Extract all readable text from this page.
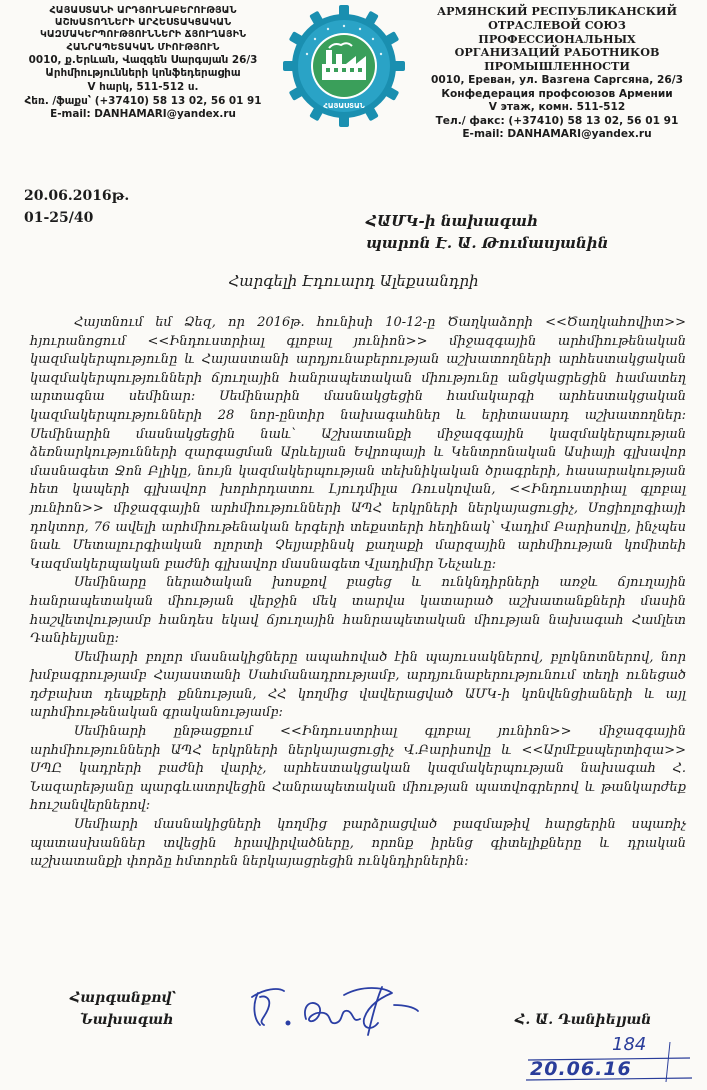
ՀԱՅԱՍՏԱՆԻ ԱՐԴՅՈՒՆԱԲԵՐՈՒԹՅԱՆ
ԱՇԽԱՏՈՂՆԵՐԻ ԱՐՀԵՍՏԱԿՑԱԿԱՆ
ԿԱԶՄԱԿԵՐՊՈՒԹՅՈՒՆՆԵՐԻ ՃՅՈՒՂԱՅԻՆ
ՀԱՆՐԱՊԵՏԱԿԱՆ ՄԻՈՒԹՅՈՒՆ
0010, ք.Երևան, Վազգեն Սարգսյան 26/3
Արհմիությունների կոնֆեդերացիա
V հարկ, 511-512 ս.
Հեռ. /ֆաքս՝ (+37410) 58 13 02, 56 01 91
E-mail: DANHAMARI@yandex.ru
ՀԱՅԱՍՏԱՆ
АРМЯНСКИЙ РЕСПУБЛИКАНСКИЙ
ОТРАСЛЕВОЙ СОЮЗ ПРОФЕССИОНАЛЬНЫХ
ОРГАНИЗАЦИЙ РАБОТНИКОВ
ПРОМЫШЛЕННОСТИ
0010, Ереван, ул. Вазгена Саргсяна, 26/3
Конфедерация профсоюзов Армении
V этаж, комн. 511-512
Тел./ факс: (+37410) 58 13 02, 56 01 91
E-mail: DANHAMARI@yandex.ru
20.06.2016թ.
01-25/40	ՀԱՄԿ-ի նախագահ
պարոն Է. Ա. Թումասյանին
Հարգելի Էդուարդ Ալեքսանդրի

Հայտնում եմ Ձեզ, որ 2016թ. հունիսի 10-12-ը Ծաղկաձորի <<Ծաղկահովիտ>> հյուրանոցում <<Ինդուստրիալ գլոբալ յունիոն>> միջազգային արհմիութենական կազմակերպությունը և Հայաստանի արդյունաբերության աշխատողների արհեստակցական կազմակերպությունների ճյուղային հանրապետական միությունը անցկացրեցին համատեղ արտագնա սեմինար: Սեմինարին մասնակցեցին համակարգի արհեստակցական կազմակերպությունների 28 նոր-ընտիր նախագահներ և երիտասարդ աշխատողներ: Սեմինարին մասնակցեցին նաև՝ Աշխատանքի միջազգային կազմակերպության ձեռնարկությունների զարգացման Արևելյան Եվրոպայի և Կենտրոնական Ասիայի գլխավոր մասնագետ Ջոն Բլիկը, նույն կազմակերպության տեխնիկական ծրագրերի, հասարակության հետ կապերի գլխավոր խորհրդատու Լյուդմիլա Ռուսկովան, <<Ինդուստրիալ գլոբալ յունիոն>> միջազգային արհմիությունների ԱՊՀ երկրների ներկայացուցիչ, Սոցիոլոգիայի դոկտոր, 76 ավելի արհմիութենական երգերի տեքստերի հեղինակ՝ Վադիմ Բարիսովը, ինչպես նաև Մետալուրգիական ոլորտի Չելյաբինսկ քաղաքի մարզային արհմիության կոմիտեի Կազմակերպական բաժնի գլխավոր մասնագետ Վլադիմիր Նեչաևը:

Սեմինարը ներածական խոսքով բացեց և ունկնդիրների առջև ճյուղային հանրապետական միության վերջին մեկ տարվա կատարած աշխատանքների մասին հաշվետվությամբ հանդես եկավ ճյուղային հանրապետական միության նախագահ Համլետ Դանիելյանը:

Սեմիարի բոլոր մասնակիցները ապահոված էին պայուսակներով, բլոկնոտներով, նոր խմբագրությամբ Հայաստանի Սահմանադրությամբ, արդյունաբերությունում տեղի ունեցած դժբախտ դեպքերի քննության, ՀՀ կողմից վավերացված ԱՄԿ-ի կոնվենցիաների և այլ արհմիութենական գրականությամբ:

Սեմինարի ընթացքում <<Ինդուստրիալ գլոբալ յունիոն>> միջազգային արհմիությունների ԱՊՀ երկրների ներկայացուցիչ Վ.Բարիսովը և <<Արմէքսպերտիզա>> ՍՊԸ կադրերի բաժնի վարիչ, արհեստակցական կազմակերպության նախագահ Հ. Նազարեթյանը պարգևատրվեցին Հանրապետական միության պատվոգրերով և թանկարժեք հուշանվերներով:

Սեմիարի մասնակիցների կողմից բարձրացված բազմաթիվ հարցերին սպառիչ պատասխաններ տվեցին հրավիրվածները, որոնք իրենց գիտելիքները և դրական աշխատանքի փորձը հմտորեն ներկայացրեցին ունկնդիրներին:

Հարգանքով՝
Նախագահ	Հ. Ա. Դանիելյան
184
20.06.16
